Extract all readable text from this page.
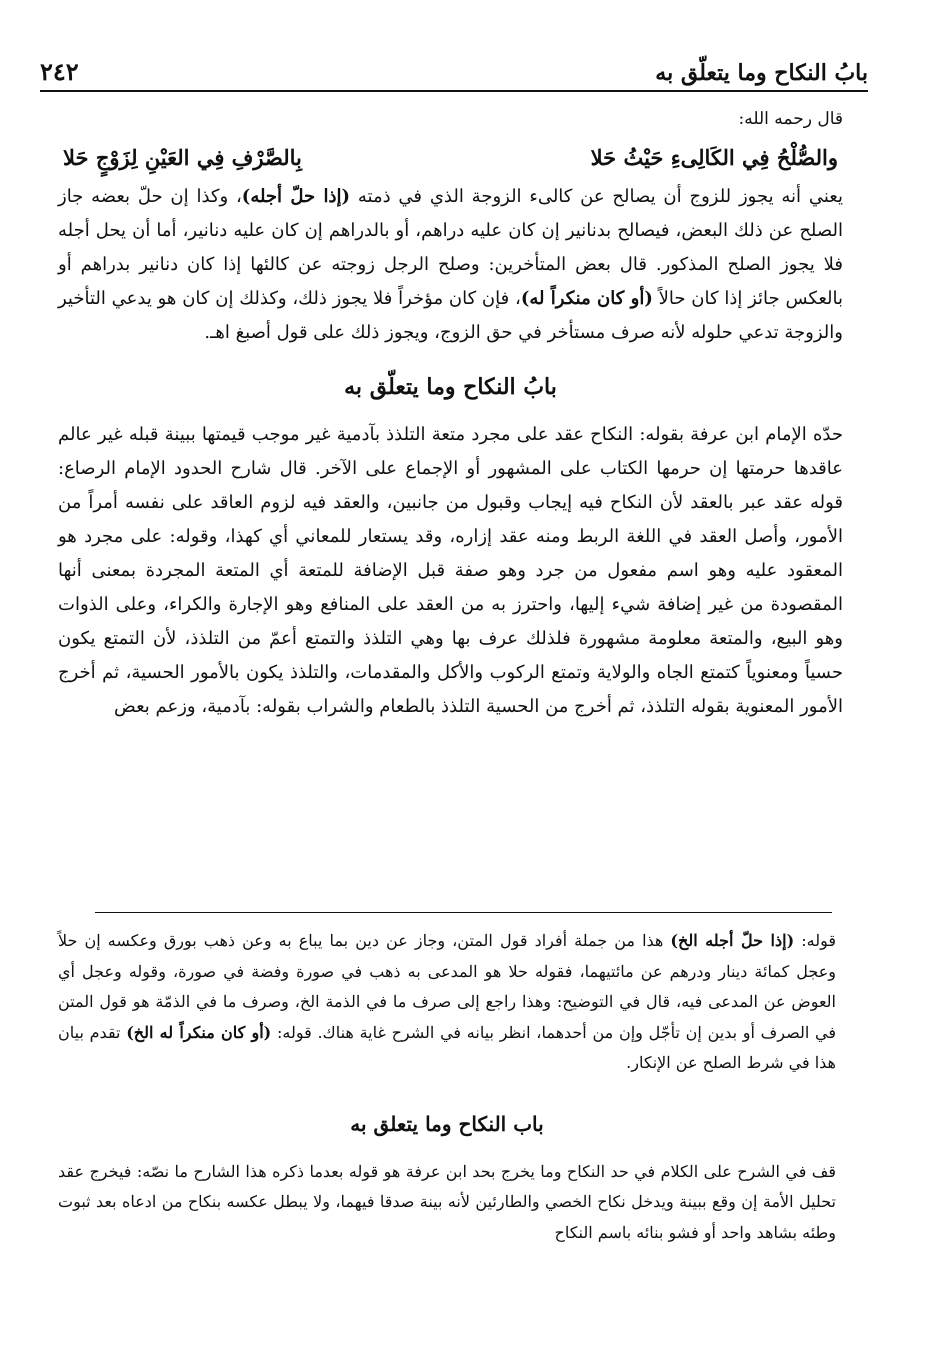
بابُ النكاح وما يتعلّق به
٢٤٢

قال رحمه الله:

والصُّلْحُ فِي الكَالِىءِ حَيْثُ حَلا
بِالصَّرْفِ فِي العَيْنِ لِزَوْجٍ حَلا

يعني أنه يجوز للزوج أن يصالح عن كالىء الزوجة الذي في ذمته (إذا حلّ أجله)، وكذا إن حلّ بعضه جاز الصلح عن ذلك البعض، فيصالح بدنانير إن كان عليه دراهم، أو بالدراهم إن كان عليه دنانير، أما أن يحل أجله فلا يجوز الصلح المذكور. قال بعض المتأخرين: وصلح الرجل زوجته عن كالئها إذا كان دنانير بدراهم أو بالعكس جائز إذا كان حالاً (أو كان منكراً له)، فإن كان مؤخراً فلا يجوز ذلك، وكذلك إن كان هو يدعي التأخير والزوجة تدعي حلوله لأنه صرف مستأخر في حق الزوج، ويجوز ذلك على قول أصبغ اهـ.

بابُ النكاح وما يتعلّق به

حدّه الإمام ابن عرفة بقوله: النكاح عقد على مجرد متعة التلذذ بآدمية غير موجب قيمتها ببينة قبله غير عالم عاقدها حرمتها إن حرمها الكتاب على المشهور أو الإجماع على الآخر. قال شارح الحدود الإمام الرصاع: قوله عقد عبر بالعقد لأن النكاح فيه إيجاب وقبول من جانبين، والعقد فيه لزوم العاقد على نفسه أمراً من الأمور، وأصل العقد في اللغة الربط ومنه عقد إزاره، وقد يستعار للمعاني أي كهذا، وقوله: على مجرد هو المعقود عليه وهو اسم مفعول من جرد وهو صفة قبل الإضافة للمتعة أي المتعة المجردة بمعنى أنها المقصودة من غير إضافة شيء إليها، واحترز به من العقد على المنافع وهو الإجارة والكراء، وعلى الذوات وهو البيع، والمتعة معلومة مشهورة فلذلك عرف بها وهي التلذذ والتمتع أعمّ من التلذذ، لأن التمتع يكون حسياً ومعنوياً كتمتع الجاه والولاية وتمتع الركوب والأكل والمقدمات، والتلذذ يكون بالأمور الحسية، ثم أخرج الأمور المعنوية بقوله التلذذ، ثم أخرج من الحسية التلذذ بالطعام والشراب بقوله: بآدمية، وزعم بعض

قوله: (إذا حلّ أجله الخ) هذا من جملة أفراد قول المتن، وجاز عن دين بما يباع به وعن ذهب بورق وعكسه إن حلاً وعجل كمائة دينار ودرهم عن مائتيهما، فقوله حلا هو المدعى به ذهب في صورة وفضة في صورة، وقوله وعجل أي العوض عن المدعى فيه، قال في التوضيح: وهذا راجع إلى صرف ما في الذمة الخ، وصرف ما في الذمّة هو قول المتن في الصرف أو بدين إن تأجّل وإن من أحدهما، انظر بيانه في الشرح غاية هناك. قوله: (أو كان منكراً له الخ) تقدم بيان هذا في شرط الصلح عن الإنكار.

باب النكاح وما يتعلق به

قف في الشرح على الكلام في حد النكاح وما يخرج بحد ابن عرفة هو قوله بعدما ذكره هذا الشارح ما نصّه: فيخرج عقد تحليل الأمة إن وقع ببينة ويدخل نكاح الخصي والطارئين لأنه بينة صدقا فيهما، ولا يبطل عكسه بنكاح من ادعاه بعد ثبوت وطئه بشاهد واحد أو فشو بنائه باسم النكاح
